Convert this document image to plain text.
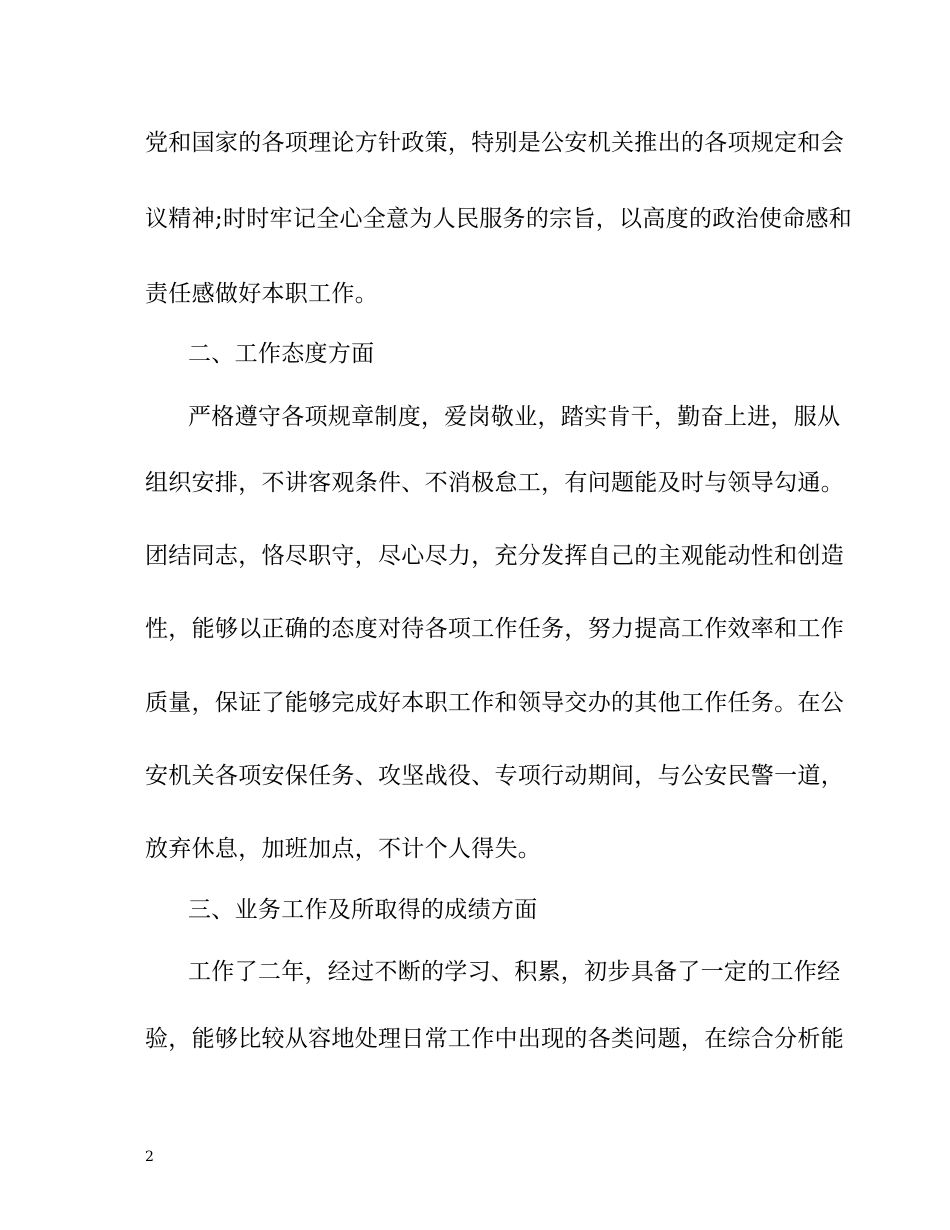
党和国家的各项理论方针政策，特别是公安机关推出的各项规定和会
议精神;时时牢记全心全意为人民服务的宗旨，以高度的政治使命感和
责任感做好本职工作。
二、工作态度方面
严格遵守各项规章制度，爱岗敬业，踏实肯干，勤奋上进，服从
组织安排，不讲客观条件、不消极怠工，有问题能及时与领导勾通。
团结同志，恪尽职守，尽心尽力，充分发挥自己的主观能动性和创造
性，能够以正确的态度对待各项工作任务，努力提高工作效率和工作
质量，保证了能够完成好本职工作和领导交办的其他工作任务。在公
安机关各项安保任务、攻坚战役、专项行动期间，与公安民警一道，
放弃休息，加班加点，不计个人得失。
三、业务工作及所取得的成绩方面
工作了二年，经过不断的学习、积累，初步具备了一定的工作经
验，能够比较从容地处理日常工作中出现的各类问题，在综合分析能
2
